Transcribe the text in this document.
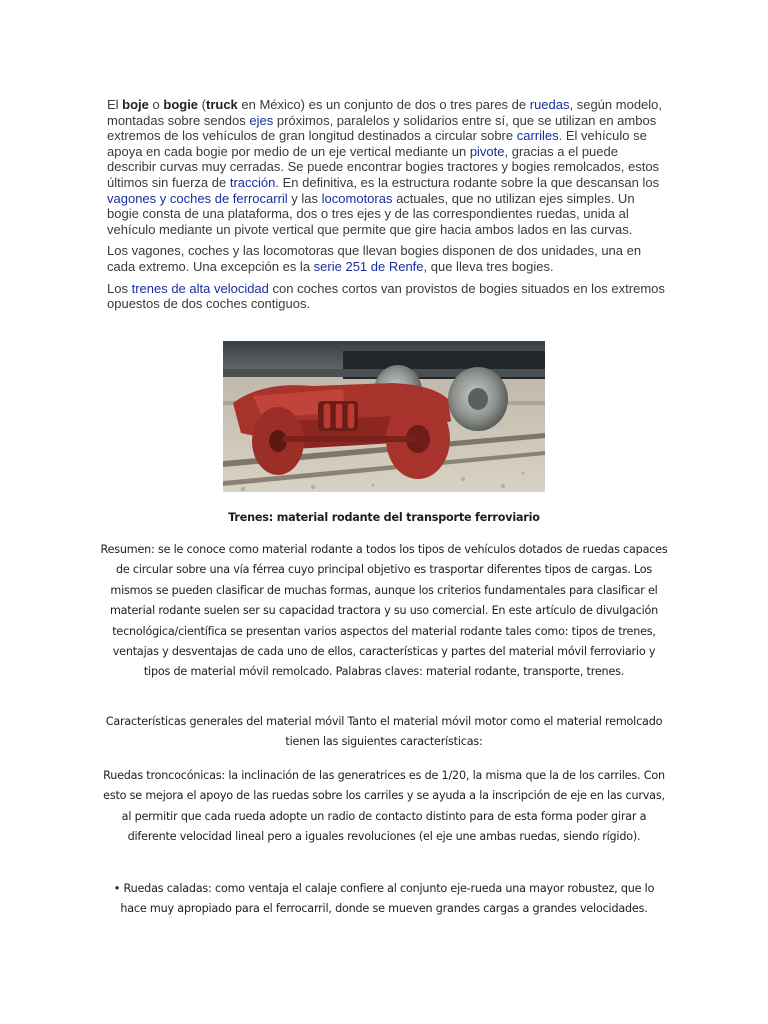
El boje o bogie (truck en México) es un conjunto de dos o tres pares de ruedas, según modelo, montadas sobre sendos ejes próximos, paralelos y solidarios entre sí, que se utilizan en ambos extremos de los vehículos de gran longitud destinados a circular sobre carriles. El vehículo se apoya en cada bogie por medio de un eje vertical mediante un pivote, gracias a el puede describir curvas muy cerradas. Se puede encontrar bogies tractores y bogies remolcados, estos últimos sin fuerza de tracción. En definitiva, es la estructura rodante sobre la que descansan los vagones y coches de ferrocarril y las locomotoras actuales, que no utilizan ejes simples. Un bogie consta de una plataforma, dos o tres ejes y de las correspondientes ruedas, unida al vehículo mediante un pivote vertical que permite que gire hacia ambos lados en las curvas.

Los vagones, coches y las locomotoras que llevan bogies disponen de dos unidades, una en cada extremo. Una excepción es la serie 251 de Renfe, que lleva tres bogies.

Los trenes de alta velocidad con coches cortos van provistos de bogies situados en los extremos opuestos de dos coches contiguos.

Trenes: material rodante del transporte ferroviario
Resumen: se le conoce como material rodante a todos los tipos de vehículos dotados de ruedas capaces de circular sobre una vía férrea cuyo principal objetivo es trasportar diferentes tipos de cargas. Los mismos se pueden clasificar de muchas formas, aunque los criterios fundamentales para clasificar el material rodante suelen ser su capacidad tractora y su uso comercial. En este artículo de divulgación tecnológica/científica se presentan varios aspectos del material rodante tales como: tipos de trenes, ventajas y desventajas de cada uno de ellos, características y partes del material móvil ferroviario y tipos de material móvil remolcado. Palabras claves: material rodante, transporte, trenes.
Características generales del material móvil Tanto el material móvil motor como el material remolcado tienen las siguientes características:
Ruedas troncocónicas: la inclinación de las generatrices es de 1/20, la misma que la de los carriles. Con esto se mejora el apoyo de las ruedas sobre los carriles y se ayuda a la inscripción de eje en las curvas, al permitir que cada rueda adopte un radio de contacto distinto para de esta forma poder girar a diferente velocidad lineal pero a iguales revoluciones (el eje une ambas ruedas, siendo rígido).
• Ruedas caladas: como ventaja el calaje confiere al conjunto eje-rueda una mayor robustez, que lo hace muy apropiado para el ferrocarril, donde se mueven grandes cargas a grandes velocidades.
